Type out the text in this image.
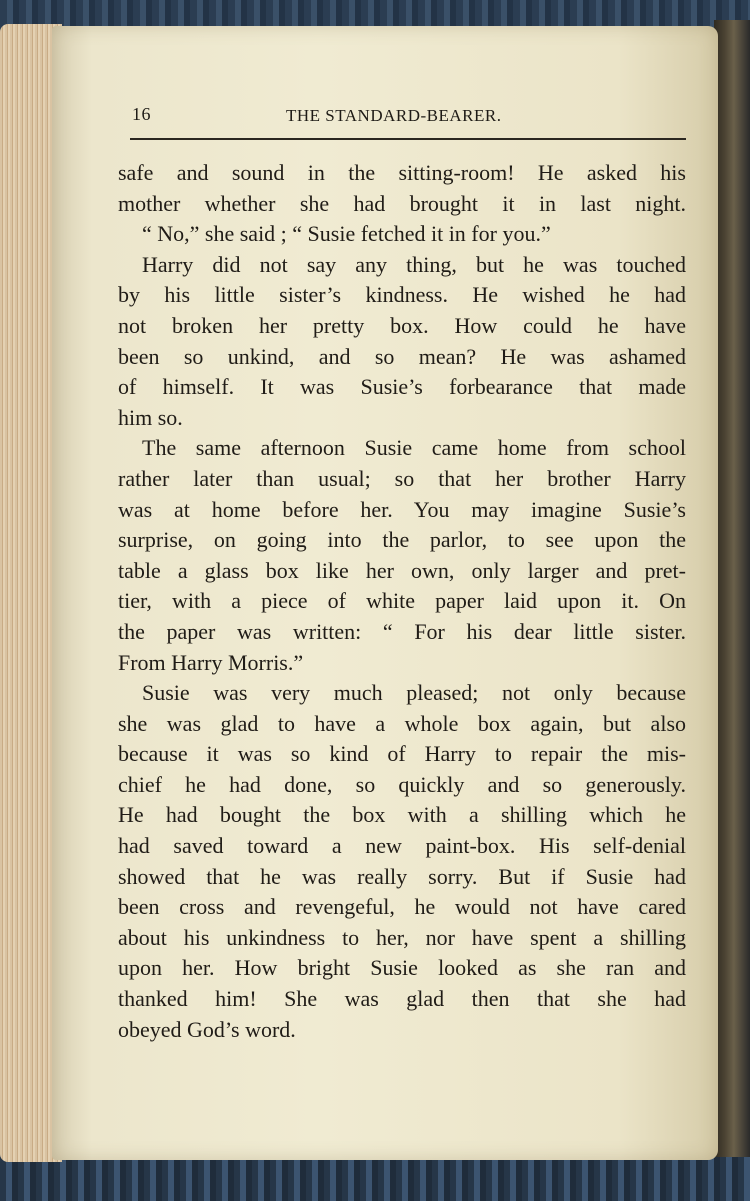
16	THE STANDARD-BEARER.
safe and sound in the sitting-room! He asked his
mother whether she had brought it in last night.
“ No,” she said ; “ Susie fetched it in for you.”
Harry did not say any thing, but he was touched
by his little sister’s kindness. He wished he had
not broken her pretty box. How could he have
been so unkind, and so mean? He was ashamed
of himself. It was Susie’s forbearance that made
him so.
The same afternoon Susie came home from school
rather later than usual; so that her brother Harry
was at home before her. You may imagine Susie’s
surprise, on going into the parlor, to see upon the
table a glass box like her own, only larger and pret-
tier, with a piece of white paper laid upon it. On
the paper was written: “ For his dear little sister.
From Harry Morris.”
Susie was very much pleased; not only because
she was glad to have a whole box again, but also
because it was so kind of Harry to repair the mis-
chief he had done, so quickly and so generously.
He had bought the box with a shilling which he
had saved toward a new paint-box. His self-denial
showed that he was really sorry. But if Susie had
been cross and revengeful, he would not have cared
about his unkindness to her, nor have spent a shilling
upon her. How bright Susie looked as she ran and
thanked him! She was glad then that she had
obeyed God’s word.
